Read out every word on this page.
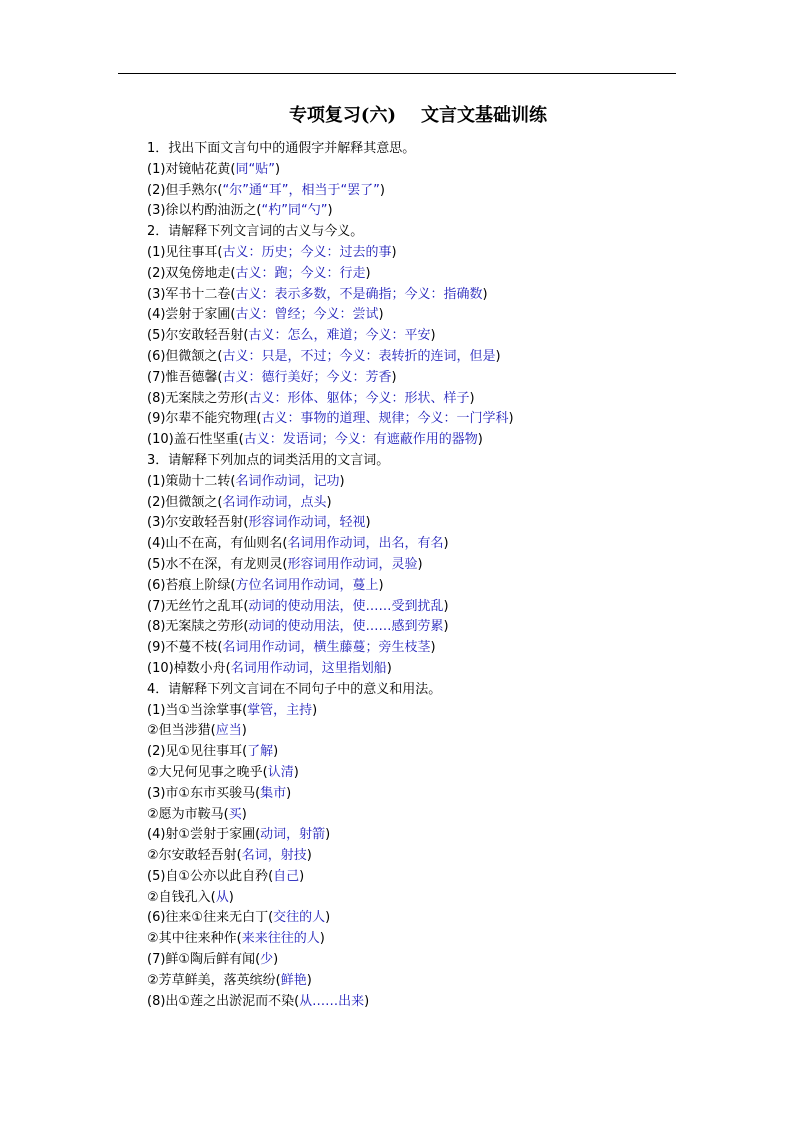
专项复习(六)    文言文基础训练
1．找出下面文言句中的通假字并解释其意思。
(1)对镜帖花黄(同“贴”)
(2)但手熟尔(“尔”通“耳”，相当于“罢了”)
(3)徐以杓酌油沥之(“杓”同“勺”)
2．请解释下列文言词的古义与今义。
(1)见往事耳(古义：历史；今义：过去的事)
(2)双兔傍地走(古义：跑；今义：行走)
(3)军书十二卷(古义：表示多数，不是确指；今义：指确数)
(4)尝射于家圃(古义：曾经；今义：尝试)
(5)尔安敢轻吾射(古义：怎么，难道；今义：平安)
(6)但微颔之(古义：只是，不过；今义：表转折的连词，但是)
(7)惟吾德馨(古义：德行美好；今义：芳香)
(8)无案牍之劳形(古义：形体、躯体；今义：形状、样子)
(9)尔辈不能究物理(古义：事物的道理、规律；今义：一门学科)
(10)盖石性坚重(古义：发语词；今义：有遮蔽作用的器物)
3．请解释下列加点的词类活用的文言词。
(1)策勋十二转(名词作动词，记功)
(2)但微颔之(名词作动词，点头)
(3)尔安敢轻吾射(形容词作动词，轻视)
(4)山不在高，有仙则名(名词用作动词，出名，有名)
(5)水不在深，有龙则灵(形容词用作动词，灵验)
(6)苔痕上阶绿(方位名词用作动词，蔓上)
(7)无丝竹之乱耳(动词的使动用法，使……受到扰乱)
(8)无案牍之劳形(动词的使动用法，使……感到劳累)
(9)不蔓不枝(名词用作动词，横生藤蔓；旁生枝茎)
(10)棹数小舟(名词用作动词，这里指划船)
4．请解释下列文言词在不同句子中的意义和用法。
(1)当①当涂掌事(掌管，主持)
②但当涉猎(应当)
(2)见①见往事耳(了解)
②大兄何见事之晚乎(认清)
(3)市①东市买骏马(集市)
②愿为市鞍马(买)
(4)射①尝射于家圃(动词，射箭)
②尔安敢轻吾射(名词，射技)
(5)自①公亦以此自矜(自己)
②自钱孔入(从)
(6)往来①往来无白丁(交往的人)
②其中往来种作(来来往往的人)
(7)鲜①陶后鲜有闻(少)
②芳草鲜美，落英缤纷(鲜艳)
(8)出①莲之出淤泥而不染(从……出来)
